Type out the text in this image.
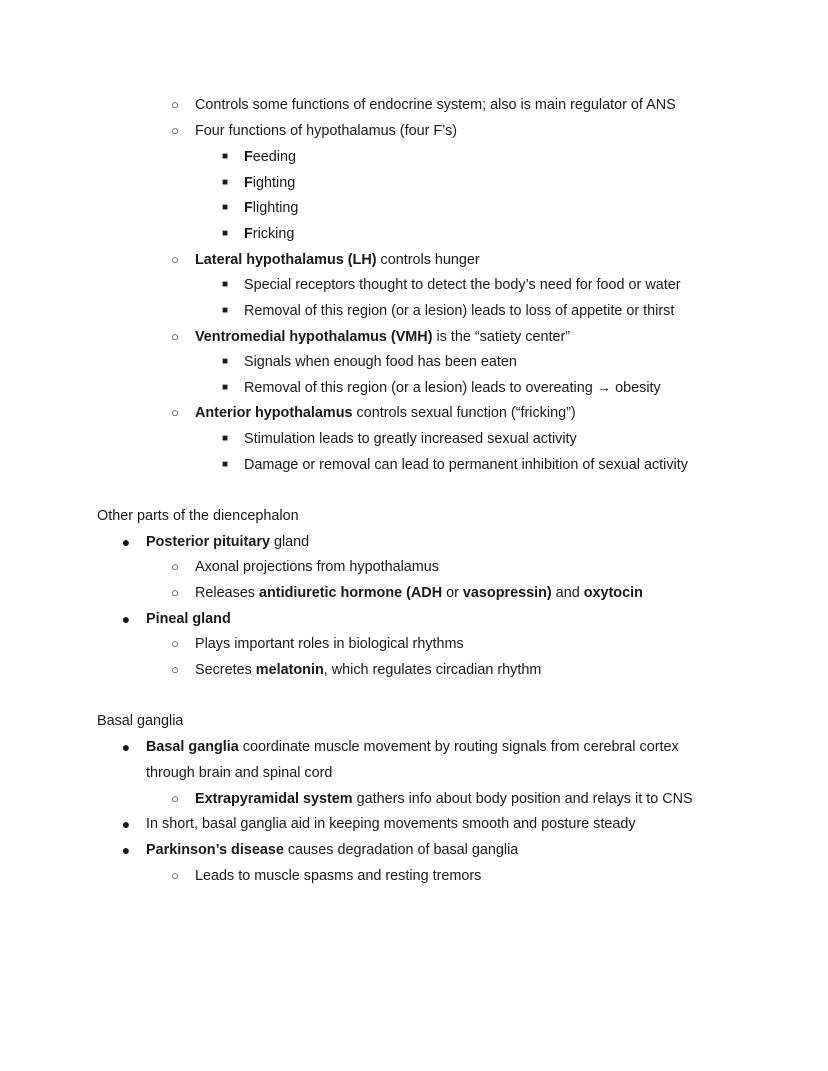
○ Controls some functions of endocrine system; also is main regulator of ANS
○ Four functions of hypothalamus (four F’s)
■ Feeding
■ Fighting
■ Flighting
■ Fricking
○ Lateral hypothalamus (LH) controls hunger
■ Special receptors thought to detect the body’s need for food or water
■ Removal of this region (or a lesion) leads to loss of appetite or thirst
○ Ventromedial hypothalamus (VMH) is the “satiety center”
■ Signals when enough food has been eaten
■ Removal of this region (or a lesion) leads to overeating → obesity
○ Anterior hypothalamus controls sexual function (“fricking”)
■ Stimulation leads to greatly increased sexual activity
■ Damage or removal can lead to permanent inhibition of sexual activity
Other parts of the diencephalon
● Posterior pituitary gland
○ Axonal projections from hypothalamus
○ Releases antidiuretic hormone (ADH or vasopressin) and oxytocin
● Pineal gland
○ Plays important roles in biological rhythms
○ Secretes melatonin, which regulates circadian rhythm
Basal ganglia
● Basal ganglia coordinate muscle movement by routing signals from cerebral cortex
through brain and spinal cord
○ Extrapyramidal system gathers info about body position and relays it to CNS
● In short, basal ganglia aid in keeping movements smooth and posture steady
● Parkinson’s disease causes degradation of basal ganglia
○ Leads to muscle spasms and resting tremors
